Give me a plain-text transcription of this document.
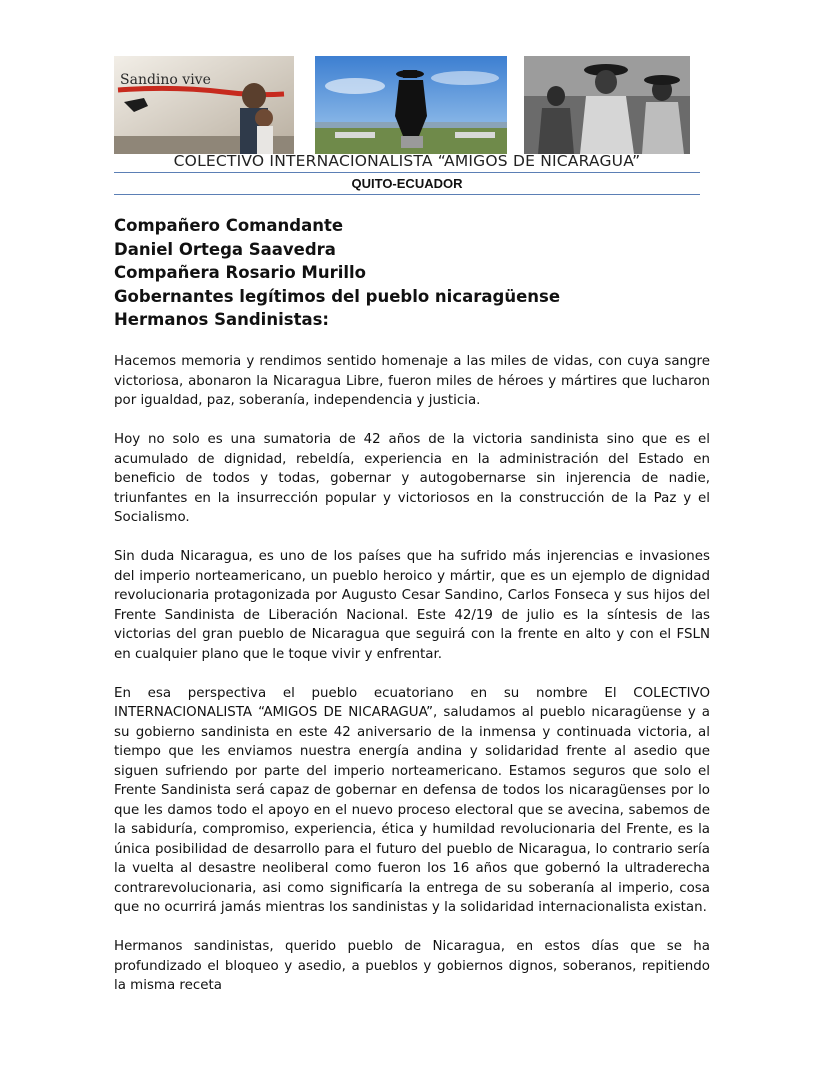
Sandino vive
COLECTIVO INTERNACIONALISTA “AMIGOS DE NICARAGUA”
QUITO-ECUADOR
Compañero Comandante
Daniel Ortega Saavedra
Compañera Rosario Murillo
Gobernantes legítimos del pueblo nicaragüense
Hermanos Sandinistas:

Hacemos memoria y rendimos sentido homenaje a las miles de vidas, con cuya sangre victoriosa, abonaron la Nicaragua Libre, fueron miles de héroes y mártires que lucharon por igualdad, paz, soberanía, independencia y justicia.

Hoy no solo es una sumatoria de 42 años de la victoria sandinista sino que es el acumulado de dignidad, rebeldía, experiencia en la administración del Estado en beneficio de todos y todas, gobernar y autogobernarse sin injerencia de nadie, triunfantes en la insurrección popular y victoriosos en la construcción de la Paz y el Socialismo.

Sin duda Nicaragua, es uno de los países que ha sufrido más injerencias e invasiones del imperio norteamericano, un pueblo heroico y mártir, que es un ejemplo de dignidad revolucionaria protagonizada por Augusto Cesar Sandino, Carlos Fonseca y sus hijos del Frente Sandinista de Liberación Nacional. Este 42/19 de julio es la síntesis de las victorias del gran pueblo de Nicaragua que seguirá con la frente en alto y con el FSLN en cualquier plano que le toque vivir y enfrentar.

En esa perspectiva el pueblo ecuatoriano en su nombre El COLECTIVO INTERNACIONALISTA “AMIGOS DE NICARAGUA”, saludamos al pueblo nicaragüense y a su gobierno sandinista en este 42 aniversario de la inmensa y continuada victoria, al tiempo que les enviamos nuestra energía andina y solidaridad frente al asedio que siguen sufriendo por parte del imperio norteamericano. Estamos seguros que solo el Frente Sandinista será capaz de gobernar en defensa de todos los nicaragüenses por lo que les damos todo el apoyo en el nuevo proceso electoral que se avecina, sabemos de la sabiduría, compromiso, experiencia, ética y humildad revolucionaria del Frente, es la única posibilidad de desarrollo para el futuro del pueblo de Nicaragua, lo contrario sería la vuelta al desastre neoliberal como fueron los 16 años que gobernó la ultraderecha contrarevolucionaria, asi como significaría la entrega de su soberanía al imperio, cosa que no ocurrirá jamás mientras los sandinistas y la solidaridad internacionalista existan.

Hermanos sandinistas, querido pueblo de Nicaragua, en estos días que se ha profundizado el bloqueo y asedio, a pueblos y gobiernos dignos, soberanos, repitiendo la misma receta
